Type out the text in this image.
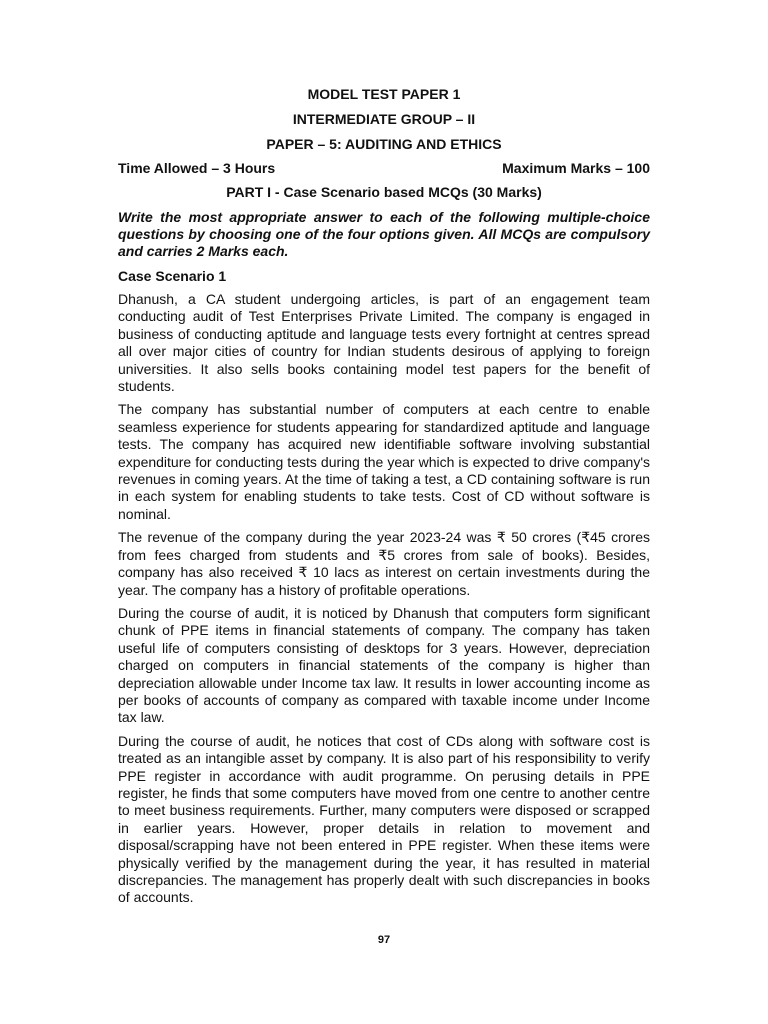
MODEL TEST PAPER 1
INTERMEDIATE GROUP – II
PAPER – 5: AUDITING AND ETHICS
Time Allowed – 3 Hours	Maximum Marks – 100
PART I - Case Scenario based MCQs (30 Marks)

Write the most appropriate answer to each of the following multiple-choice questions by choosing one of the four options given. All MCQs are compulsory and carries 2 Marks each.

Case Scenario 1

Dhanush, a CA student undergoing articles, is part of an engagement team conducting audit of Test Enterprises Private Limited. The company is engaged in business of conducting aptitude and language tests every fortnight at centres spread all over major cities of country for Indian students desirous of applying to foreign universities. It also sells books containing model test papers for the benefit of students.

The company has substantial number of computers at each centre to enable seamless experience for students appearing for standardized aptitude and language tests. The company has acquired new identifiable software involving substantial expenditure for conducting tests during the year which is expected to drive company's revenues in coming years. At the time of taking a test, a CD containing software is run in each system for enabling students to take tests. Cost of CD without software is nominal.

The revenue of the company during the year 2023-24 was ₹ 50 crores (₹45 crores from fees charged from students and ₹5 crores from sale of books). Besides, company has also received ₹ 10 lacs as interest on certain investments during the year. The company has a history of profitable operations.

During the course of audit, it is noticed by Dhanush that computers form significant chunk of PPE items in financial statements of company. The company has taken useful life of computers consisting of desktops for 3 years. However, depreciation charged on computers in financial statements of the company is higher than depreciation allowable under Income tax law. It results in lower accounting income as per books of accounts of company as compared with taxable income under Income tax law.

During the course of audit, he notices that cost of CDs along with software cost is treated as an intangible asset by company. It is also part of his responsibility to verify PPE register in accordance with audit programme. On perusing details in PPE register, he finds that some computers have moved from one centre to another centre to meet business requirements. Further, many computers were disposed or scrapped in earlier years. However, proper details in relation to movement and disposal/scrapping have not been entered in PPE register. When these items were physically verified by the management during the year, it has resulted in material discrepancies. The management has properly dealt with such discrepancies in books of accounts.

97
